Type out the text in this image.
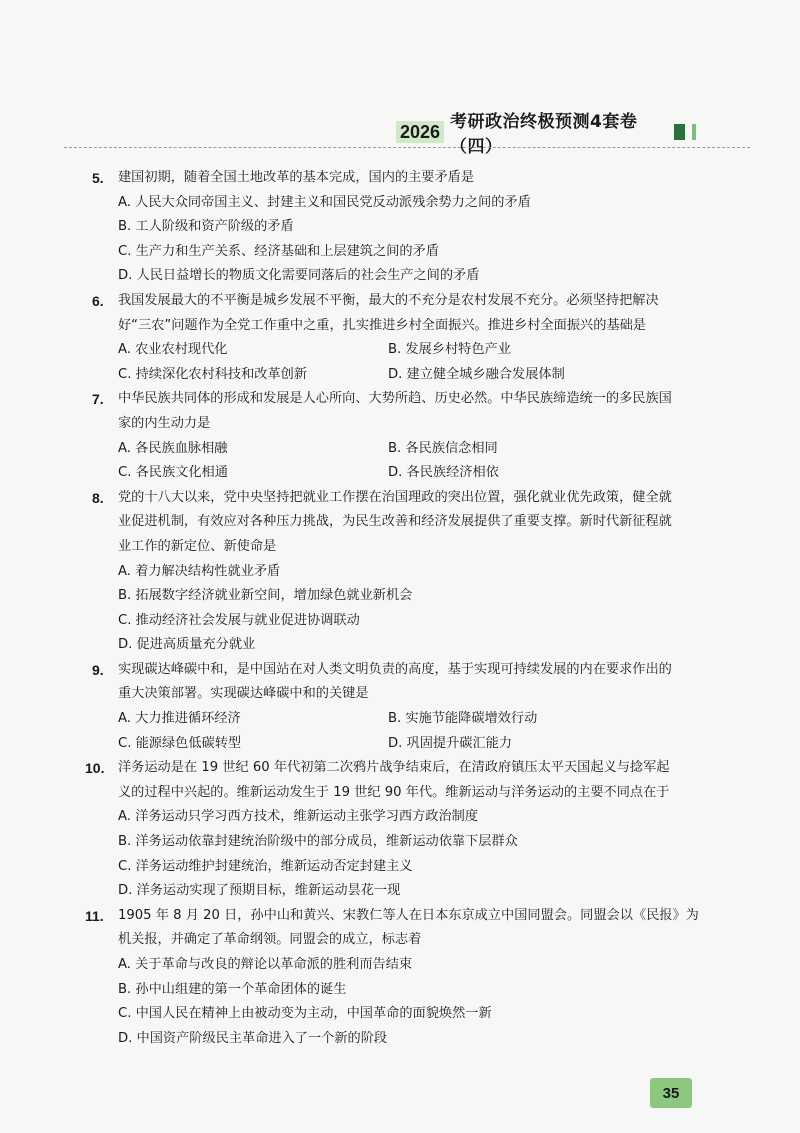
2026 考研政治终极预测4套卷（四）
5. 建国初期，随着全国土地改革的基本完成，国内的主要矛盾是
A. 人民大众同帝国主义、封建主义和国民党反动派残余势力之间的矛盾
B. 工人阶级和资产阶级的矛盾
C. 生产力和生产关系、经济基础和上层建筑之间的矛盾
D. 人民日益增长的物质文化需要同落后的社会生产之间的矛盾
6. 我国发展最大的不平衡是城乡发展不平衡，最大的不充分是农村发展不充分。必须坚持把解决
好“三农”问题作为全党工作重中之重，扎实推进乡村全面振兴。推进乡村全面振兴的基础是
A. 农业农村现代化	B. 发展乡村特色产业
C. 持续深化农村科技和改革创新	D. 建立健全城乡融合发展体制
7. 中华民族共同体的形成和发展是人心所向、大势所趋、历史必然。中华民族缔造统一的多民族国
家的内生动力是
A. 各民族血脉相融	B. 各民族信念相同
C. 各民族文化相通	D. 各民族经济相依
8. 党的十八大以来，党中央坚持把就业工作摆在治国理政的突出位置，强化就业优先政策，健全就
业促进机制，有效应对各种压力挑战，为民生改善和经济发展提供了重要支撑。新时代新征程就
业工作的新定位、新使命是
A. 着力解决结构性就业矛盾
B. 拓展数字经济就业新空间，增加绿色就业新机会
C. 推动经济社会发展与就业促进协调联动
D. 促进高质量充分就业
9. 实现碳达峰碳中和，是中国站在对人类文明负责的高度，基于实现可持续发展的内在要求作出的
重大决策部署。实现碳达峰碳中和的关键是
A. 大力推进循环经济	B. 实施节能降碳增效行动
C. 能源绿色低碳转型	D. 巩固提升碳汇能力
10. 洋务运动是在 19 世纪 60 年代初第二次鸦片战争结束后，在清政府镇压太平天国起义与捻军起
义的过程中兴起的。维新运动发生于 19 世纪 90 年代。维新运动与洋务运动的主要不同点在于
A. 洋务运动只学习西方技术，维新运动主张学习西方政治制度
B. 洋务运动依靠封建统治阶级中的部分成员，维新运动依靠下层群众
C. 洋务运动维护封建统治，维新运动否定封建主义
D. 洋务运动实现了预期目标，维新运动昙花一现
11. 1905 年 8 月 20 日，孙中山和黄兴、宋教仁等人在日本东京成立中国同盟会。同盟会以《民报》为
机关报，并确定了革命纲领。同盟会的成立，标志着
A. 关于革命与改良的辩论以革命派的胜利而告结束
B. 孙中山组建的第一个革命团体的诞生
C. 中国人民在精神上由被动变为主动，中国革命的面貌焕然一新
D. 中国资产阶级民主革命进入了一个新的阶段
35
